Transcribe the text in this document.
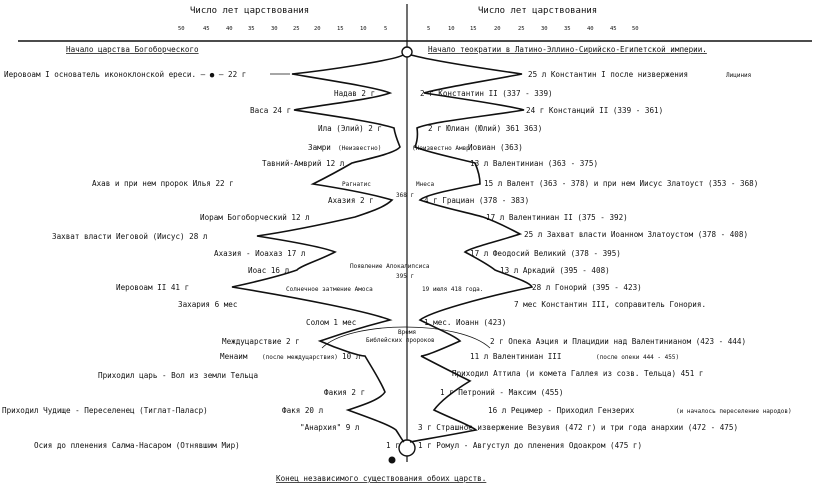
Число лет царствования	Число лет царствования
50	45	40	35	30	25	20	15	10	5	5	10	15	20	25	30	35	40	45	50
Начало царства Богоборческого	Начало теократии в Латино-Эллино-Сирийско-Египетской империи.
Иеровоам I основатель иконоклонской ереси. — ● — 22 г
Надав 2 г
Васа 24 г
Ила (Элий) 2 г
Замри (Неизвестно)
Тавний-Амврий 12 л
Ахав и при нем пророк Илья 22 г
Ахазия 2 г
Иорам Богоборческий 12 л
Захват власти Иеговой (Иисус) 28 л
Ахазия - Иоахаз 17 л
Иоас 16 л
Иеровоам II 41 г
Захария 6 мес
Солом 1 мес
Междуцарствие 2 г
Менаим (после междуцарствия) 10 л
Приходил царь - Вол из земли Тельца
Факия 2 г
Приходил Чудище - Переселенец (Тиглат-Паласр)	Факя 20 л
"Анархия" 9 л
Осия до пленения Салма-Насаром (Отнявшим Мир)	1 г
25 л Константин I после низвержения	Лициния
2 г Константин II (337 - 339)
24 г Констанций II (339 - 361)
2 г Юлиан (Юлий) 361 363)
(Неизвестно Амвр)
Иовиан (363)
13 л Валентиниан (363 - 375)
15 л Валент (363 - 378) и при нем Иисус Златоуст (353 - 368)
4 г Грациан (378 - 383)
17 л Валентиниан II (375 - 392)
25 л Захват власти Иоанном Златоустом (378 - 408)
17 л Феодосий Великий (378 - 395)
13 л Аркадий (395 - 408)
28 л Гонорий (395 - 423)
7 мес Константин III, соправитель Гонория.
1 мес. Иоанн (423)
2 г Опека Аэция и Плацидии над Валентинианом (423 - 444)
11 л Валентиниан III	(после опеки 444 - 455)
Приходил Аттила (и комета Галлея из созв. Тельца) 451 г
1 г Петроний - Максим (455)
16 л Рецимер - Приходил Гензерих	(и началось переселение народов)
3 г Страшное извержение Везувия (472 г) и три года анархии (472 - 475)
1 г Ромул - Августул до пленения Одоакром (475 г)
Рагнатис	Мнеса
368 г
Появление Апокалипсиса
395 г
Солнечное затмение Амоса	19 июля 418 года.
Время
Библейских пророков
Конец независимого существования обоих царств.
